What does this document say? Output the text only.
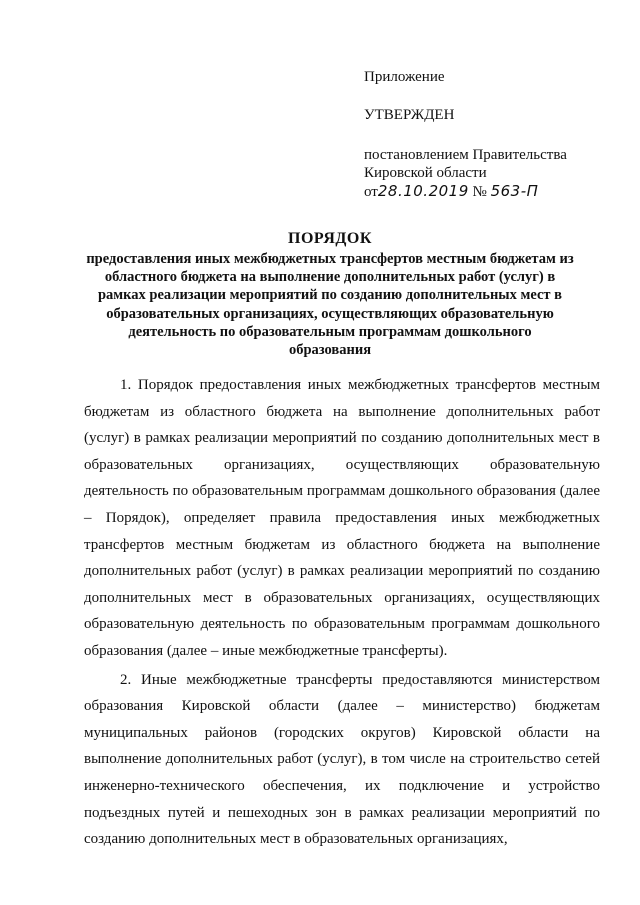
Приложение
УТВЕРЖДЕН
постановлением Правительства
Кировской области
от28.10.2019 № 563-П
ПОРЯДОК
предоставления иных межбюджетных трансфертов местным бюджетам из областного бюджета на выполнение дополнительных работ (услуг) в рамках реализации мероприятий по созданию дополнительных мест в образовательных организациях, осуществляющих образовательную деятельность по образовательным программам дошкольного образования

1. Порядок предоставления иных межбюджетных трансфертов местным бюджетам из областного бюджета на выполнение дополнительных работ (услуг) в рамках реализации мероприятий по созданию дополнительных мест в образовательных организациях, осуществляющих образовательную деятельность по образовательным программам дошкольного образования (далее – Порядок), определяет правила предоставления иных межбюджетных трансфертов местным бюджетам из областного бюджета на выполнение дополнительных работ (услуг) в рамках реализации мероприятий по созданию дополнительных мест в образовательных организациях, осуществляющих образовательную деятельность по образовательным программам дошкольного образования (далее – иные межбюджетные трансферты).

2. Иные межбюджетные трансферты предоставляются министерством образования Кировской области (далее – министерство) бюджетам муниципальных районов (городских округов) Кировской области на выполнение дополнительных работ (услуг), в том числе на строительство сетей инженерно-технического обеспечения, их подключение и устройство подъездных путей и пешеходных зон в рамках реализации мероприятий по созданию дополнительных мест в образовательных организациях,
